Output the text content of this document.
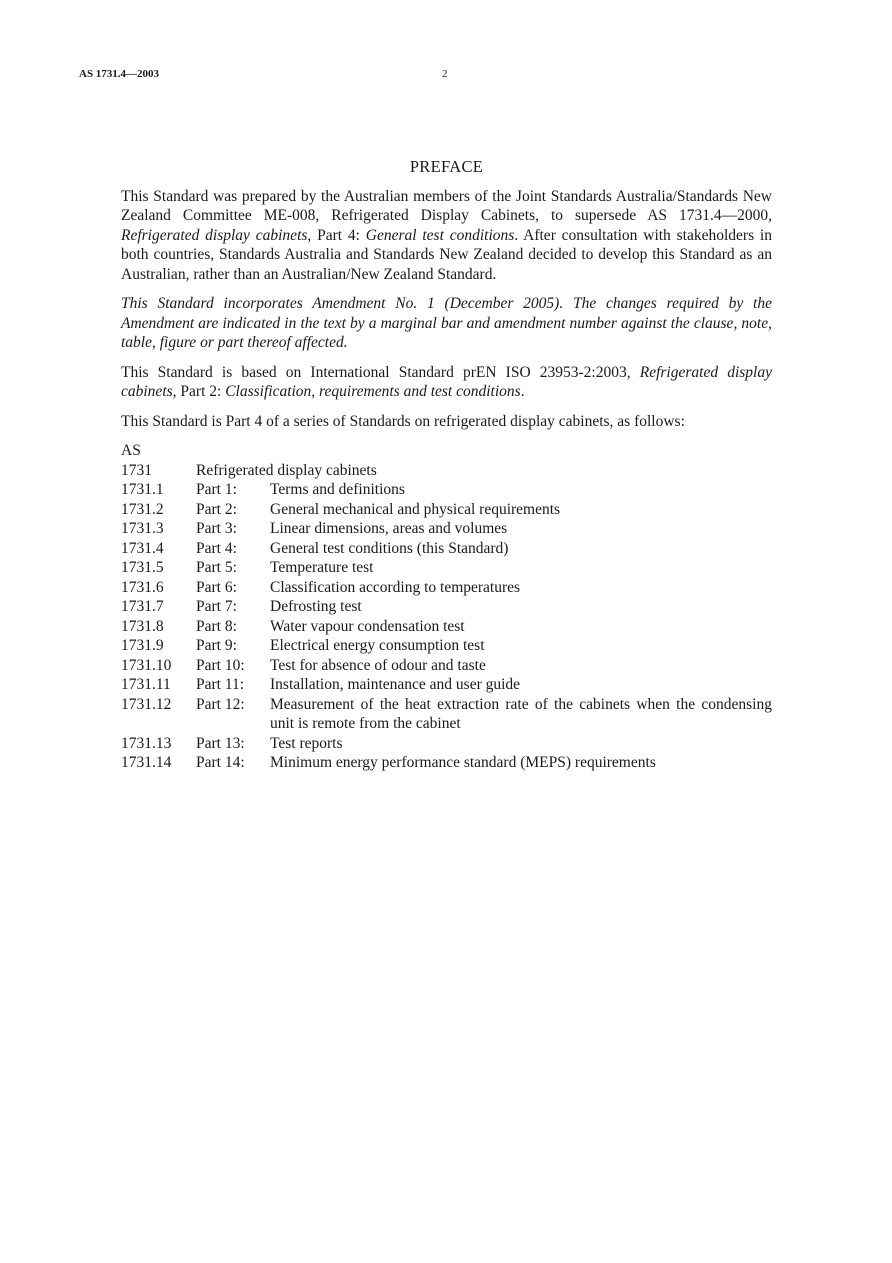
AS 1731.4—2003	2
PREFACE

This Standard was prepared by the Australian members of the Joint Standards Australia/Standards New Zealand Committee ME-008, Refrigerated Display Cabinets, to supersede AS 1731.4—2000, Refrigerated display cabinets, Part 4: General test conditions. After consultation with stakeholders in both countries, Standards Australia and Standards New Zealand decided to develop this Standard as an Australian, rather than an Australian/New Zealand Standard.

This Standard incorporates Amendment No. 1 (December 2005). The changes required by the Amendment are indicated in the text by a marginal bar and amendment number against the clause, note, table, figure or part thereof affected.

This Standard is based on International Standard prEN ISO 23953-2:2003, Refrigerated display cabinets, Part 2: Classification, requirements and test conditions.

This Standard is Part 4 of a series of Standards on refrigerated display cabinets, as follows:

AS
1731	Refrigerated display cabinets
1731.1	Part 1:	Terms and definitions
1731.2	Part 2:	General mechanical and physical requirements
1731.3	Part 3:	Linear dimensions, areas and volumes
1731.4	Part 4:	General test conditions (this Standard)
1731.5	Part 5:	Temperature test
1731.6	Part 6:	Classification according to temperatures
1731.7	Part 7:	Defrosting test
1731.8	Part 8:	Water vapour condensation test
1731.9	Part 9:	Electrical energy consumption test
1731.10	Part 10:	Test for absence of odour and taste
1731.11	Part 11:	Installation, maintenance and user guide
1731.12	Part 12:	Measurement of the heat extraction rate of the cabinets when the condensing unit is remote from the cabinet
1731.13	Part 13:	Test reports
1731.14	Part 14:	Minimum energy performance standard (MEPS) requirements
